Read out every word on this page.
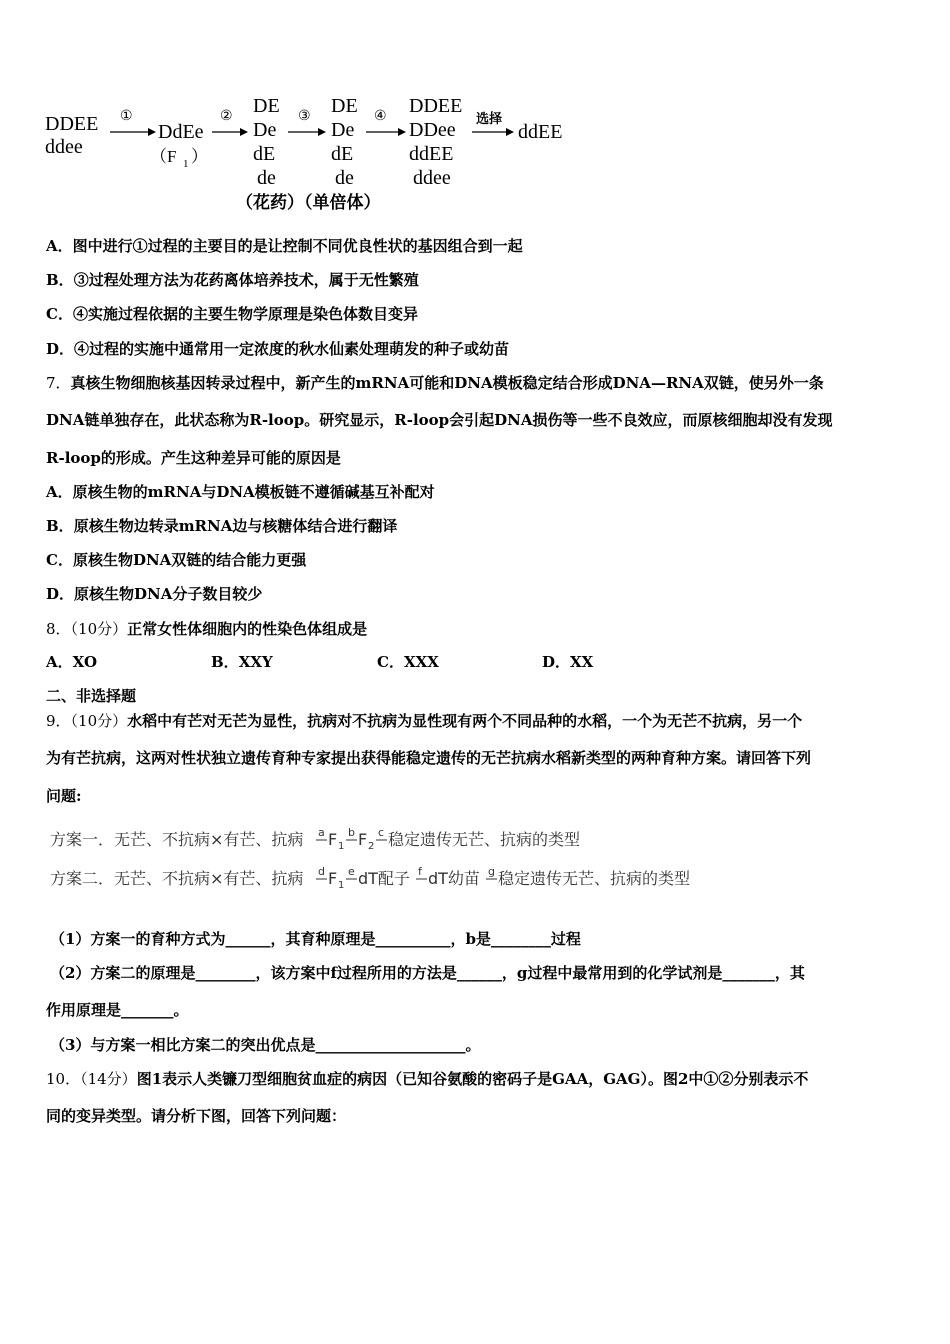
DDEE
ddee
①
DdEe
（F 1 ）
② DE
De
dE
de
③ DE
De
dE
de
④ DDEE
DDee
ddEE
ddee
选择
ddEE
（花药）（单倍体）
A．图中进行①过程的主要目的是让控制不同优良性状的基因组合到一起
B．③过程处理方法为花药离体培养技术，属于无性繁殖
C．④实施过程依据的主要生物学原理是染色体数目变异
D．④过程的实施中通常用一定浓度的秋水仙素处理萌发的种子或幼苗
7．真核生物细胞核基因转录过程中，新产生的mRNA可能和DNA模板稳定结合形成DNA—RNA双链，使另外一条
DNA链单独存在，此状态称为R-loop。研究显示，R-loop会引起DNA损伤等一些不良效应，而原核细胞却没有发现
R-loop的形成。产生这种差异可能的原因是
A．原核生物的mRNA与DNA模板链不遵循碱基互补配对
B．原核生物边转录mRNA边与核糖体结合进行翻译
C．原核生物DNA双链的结合能力更强
D．原核生物DNA分子数目较少
8．（10分）正常女性体细胞内的性染色体组成是
A．XO	B．XXY	C．XXX	D．XX
二、非选择题
9．（10分）水稻中有芒对无芒为显性，抗病对不抗病为显性现有两个不同品种的水稻，一个为无芒不抗病，另一个
为有芒抗病，这两对性状独立遗传育种专家提出获得能稳定遗传的无芒抗病水稻新类型的两种育种方案。请回答下列
问题:
方案一．无芒、不抗病×有芒、抗病 a F 1
b F 2
c 稳定遗传无芒、抗病的类型
方案二．无芒、不抗病×有芒、抗病 d F 1
e dT配子 f dT幼苗 g 稳定遗传无芒、抗病的类型
（1）方案一的育种方式为______，其育种原理是__________，b是________过程
（2）方案二的原理是________，该方案中f过程所用的方法是______，g过程中最常用到的化学试剂是_______，其
作用原理是_______。
（3）与方案一相比方案二的突出优点是____________________。
10．（14分）图1表示人类镰刀型细胞贫血症的病因（已知谷氨酸的密码子是GAA，GAG）。图2中①②分别表示不
同的变异类型。请分析下图，回答下列问题：
